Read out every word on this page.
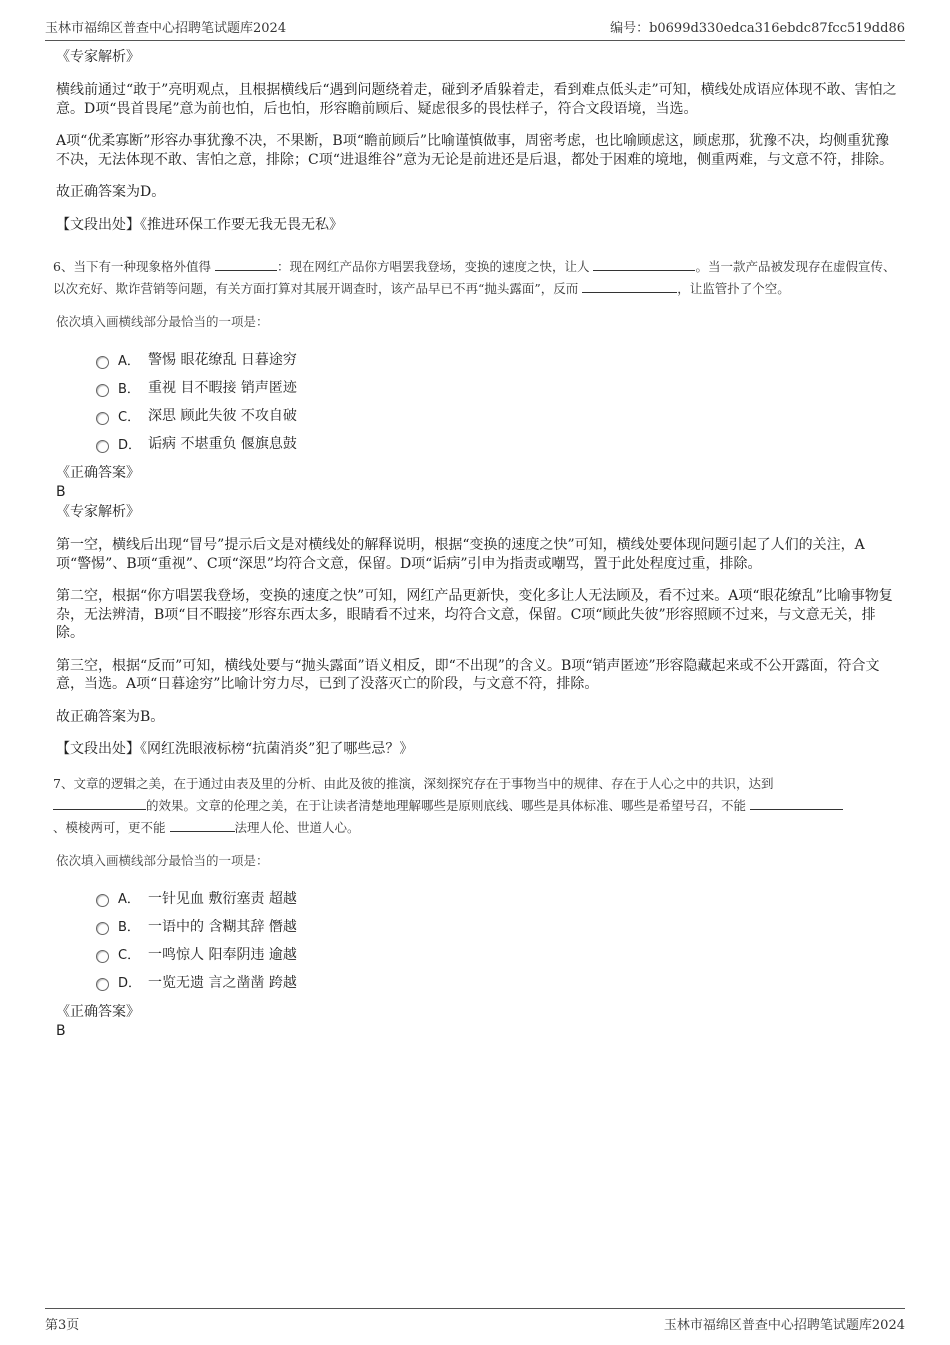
玉林市福绵区普查中心招聘笔试题库2024	编号：b0699d330edca316ebdc87fcc519dd86

《专家解析》

横线前通过“敢于”亮明观点，且根据横线后“遇到问题绕着走，碰到矛盾躲着走，看到难点低头走”可知，横线处成语应体现不敢、害怕之意。D项“畏首畏尾”意为前也怕，后也怕，形容瞻前顾后、疑虑很多的畏怯样子，符合文段语境，当选。

A项“优柔寡断”形容办事犹豫不决，不果断，B项“瞻前顾后”比喻谨慎做事，周密考虑，也比喻顾虑这，顾虑那，犹豫不决，均侧重犹豫不决，无法体现不敢、害怕之意，排除；C项“进退维谷”意为无论是前进还是后退，都处于困难的境地，侧重两难，与文意不符，排除。

故正确答案为D。

【文段出处】《推进环保工作要无我无畏无私》

6、当下有一种现象格外值得	：现在网红产品你方唱罢我登场，变换的速度之快，让人	。当一款产品被发现存在虚假宣传、以次充好、欺诈营销等问题，有关方面打算对其展开调查时，该产品早已不再“抛头露面”，反而	，让监管扑了个空。

依次填入画横线部分最恰当的一项是：

A． 警惕 眼花缭乱 日暮途穷
B． 重视 目不暇接 销声匿迹
C． 深思 顾此失彼 不攻自破
D． 诟病 不堪重负 偃旗息鼓

《正确答案》

B

《专家解析》

第一空，横线后出现“冒号”提示后文是对横线处的解释说明，根据“变换的速度之快”可知，横线处要体现问题引起了人们的关注，A项“警惕”、B项“重视”、C项“深思”均符合文意，保留。D项“诟病”引申为指责或嘲骂，置于此处程度过重，排除。

第二空，根据“你方唱罢我登场，变换的速度之快”可知，网红产品更新快，变化多让人无法顾及，看不过来。A项“眼花缭乱”比喻事物复杂，无法辨清，B项“目不暇接”形容东西太多，眼睛看不过来，均符合文意，保留。C项“顾此失彼”形容照顾不过来，与文意无关，排除。

第三空，根据“反而”可知，横线处要与“抛头露面”语义相反，即“不出现”的含义。B项“销声匿迹”形容隐藏起来或不公开露面，符合文意，当选。A项“日暮途穷”比喻计穷力尽，已到了没落灭亡的阶段，与文意不符，排除。

故正确答案为B。

【文段出处】《网红洗眼液标榜“抗菌消炎”犯了哪些忌？》

7、文章的逻辑之美，在于通过由表及里的分析、由此及彼的推演，深刻探究存在于事物当中的规律、存在于人心之中的共识，达到
的效果。文章的伦理之美，在于让读者清楚地理解哪些是原则底线、哪些是具体标准、哪些是希望号召，不能
、模棱两可，更不能	法理人伦、世道人心。

依次填入画横线部分最恰当的一项是：

A． 一针见血 敷衍塞责 超越
B． 一语中的 含糊其辞 僭越
C． 一鸣惊人 阳奉阴违 逾越
D． 一览无遗 言之凿凿 跨越

《正确答案》

B

第3页	玉林市福绵区普查中心招聘笔试题库2024
